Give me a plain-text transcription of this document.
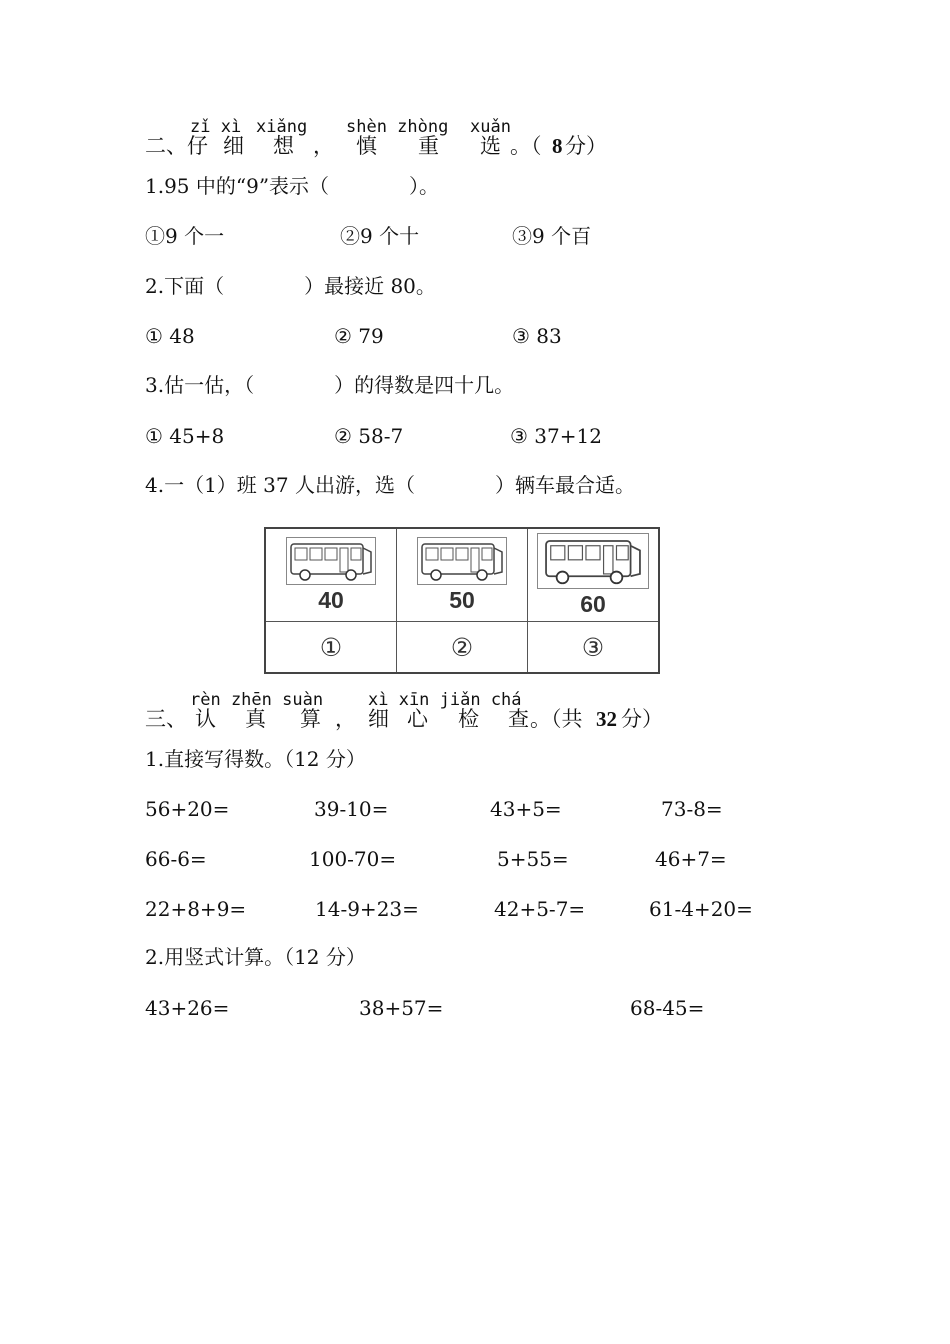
zǐ xì xiǎng shèn zhòng xuǎn
二、仔 细 想 ， 慎 重 选 。（ 8 分）
1.95 中的“9”表示（　　　　）。
①9 个一	②9 个十	③9 个百
2.下面（　　　　）最接近 80。
① 48	② 79	③ 83
3.估一估，（　　　　）的得数是四十几。
① 45+8	② 58-7	③ 37+12
4.一（1）班 37 人出游，选（　　　　）辆车最合适。
40	50	60

①	②	③
rèn zhēn suàn	xì xīn jiǎn chá
三、 认 真 算 ， 细 心 检 查 。（共 32 分）
1.直接写得数。（12 分）
56+20=	39-10=	43+5=	73-8=
66-6=	100-70=	5+55=	46+7=
22+8+9=	14-9+23=	42+5-7=	61-4+20=
2.用竖式计算。（12 分）
43+26=	38+57=	68-45=
